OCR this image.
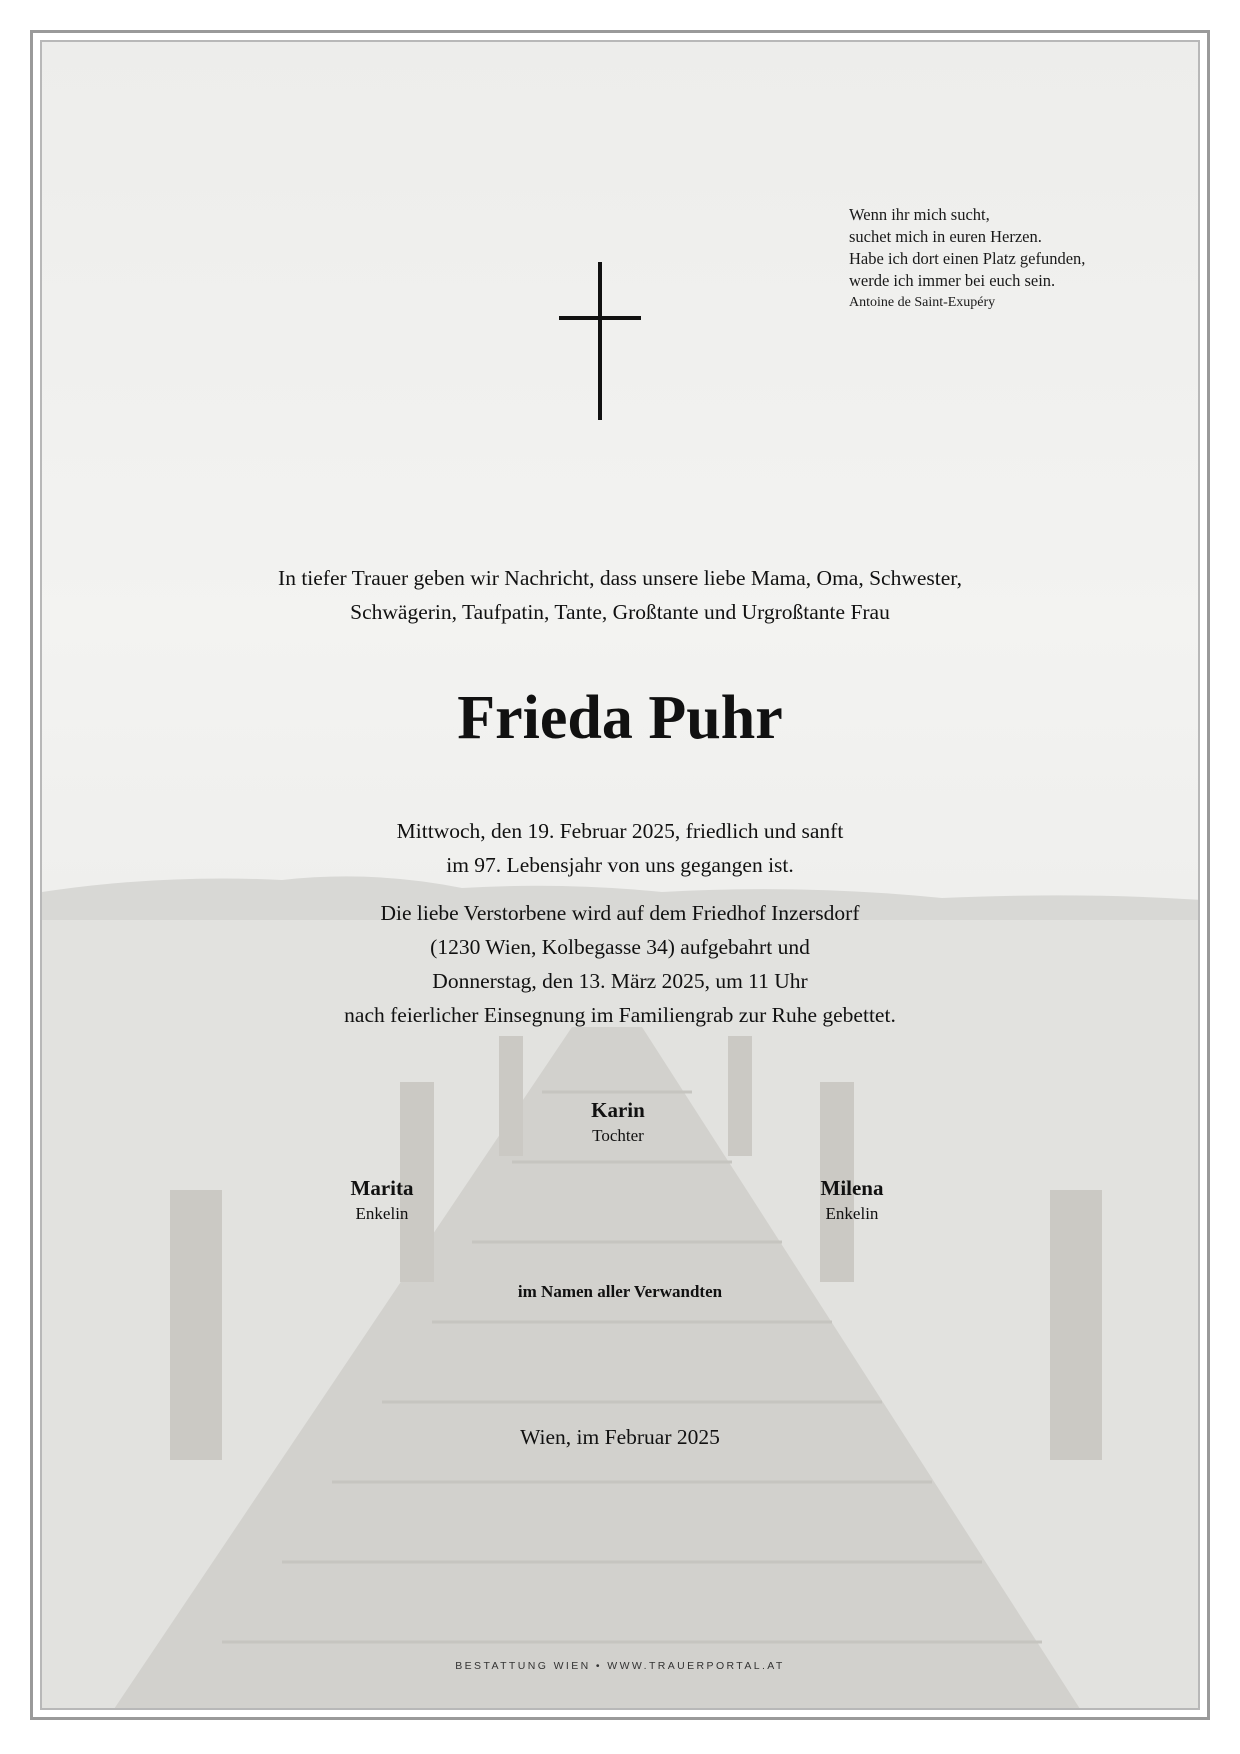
Wenn ihr mich sucht,
suchet mich in euren Herzen.
Habe ich dort einen Platz gefunden,
werde ich immer bei euch sein.
Antoine de Saint-Exupéry
In tiefer Trauer geben wir Nachricht, dass unsere liebe Mama, Oma, Schwester,
Schwägerin, Taufpatin, Tante, Großtante und Urgroßtante Frau
Frieda Puhr
Mittwoch, den 19. Februar 2025, friedlich und sanft
im 97. Lebensjahr von uns gegangen ist.
Die liebe Verstorbene wird auf dem Friedhof Inzersdorf
(1230 Wien, Kolbegasse 34) aufgebahrt und
Donnerstag, den 13. März 2025, um 11 Uhr
nach feierlicher Einsegnung im Familiengrab zur Ruhe gebettet.
Karin
Tochter
Marita
Enkelin
Milena
Enkelin
im Namen aller Verwandten
Wien, im Februar 2025
BESTATTUNG WIEN • WWW.TRAUERPORTAL.AT
